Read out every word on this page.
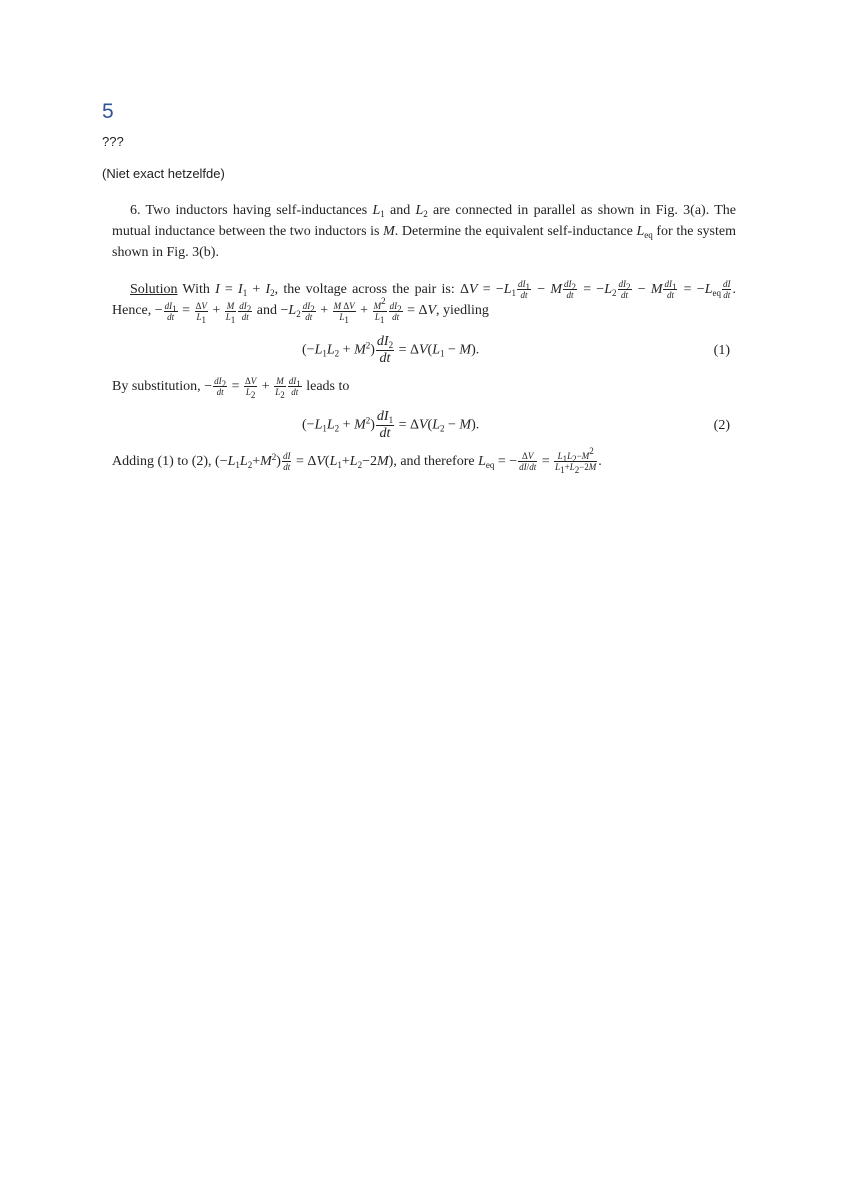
5
???
(Niet exact hetzelfde)

6. Two inductors having self-inductances $L_1$ and $L_2$ are connected in parallel as shown in Fig. 3(a). The mutual inductance between the two inductors is M. Determine the equivalent self-inductance $L_{eq}$ for the system shown in Fig. 3(b).

Solution With $I = I_1 + I_2$, the voltage across the pair is: $\Delta V = -L_1 \frac{dI_1}{dt} - M \frac{dI_2}{dt} = -L_2 \frac{dI_2}{dt} - M \frac{dI_1}{dt} = -L_{eq} \frac{dI}{dt}$ . Hence, − $\frac{dI_1}{dt} = \frac{\Delta V}{L_1} + \frac{M}{L_1} \frac{dI_2}{dt}$ and $-L_2 \frac{dI_2}{dt} + \frac{\text{M ΔV}}{L_1} + \frac{M^2}{L_1} \frac{dI_2}{dt} = \Delta V$, yiedling
$(-L_1L_2 + M^2) \frac{dI_2}{dt} = \Delta V(L_1 - M)$.	(1)

By substitution, − $\frac{dI_2}{dt} = \frac{\Delta V}{L_2} + \frac{M}{L_2} \frac{dI_1}{dt}$ leads to

$(-L_1L_2 + M^2) \frac{dI_1}{dt} = \Delta V(L_2 - M)$.	(2)

Adding (1) to (2), $(-L_1L_2+M^2) \frac{dI}{dt} = \Delta V(L_1+L_2-2M)$, and therefore $L_{eq}$ = − $\frac{\Delta V}{dI/dt} = \frac{L_1L_2-M^2}{L_1+L_2-2M}$ .
